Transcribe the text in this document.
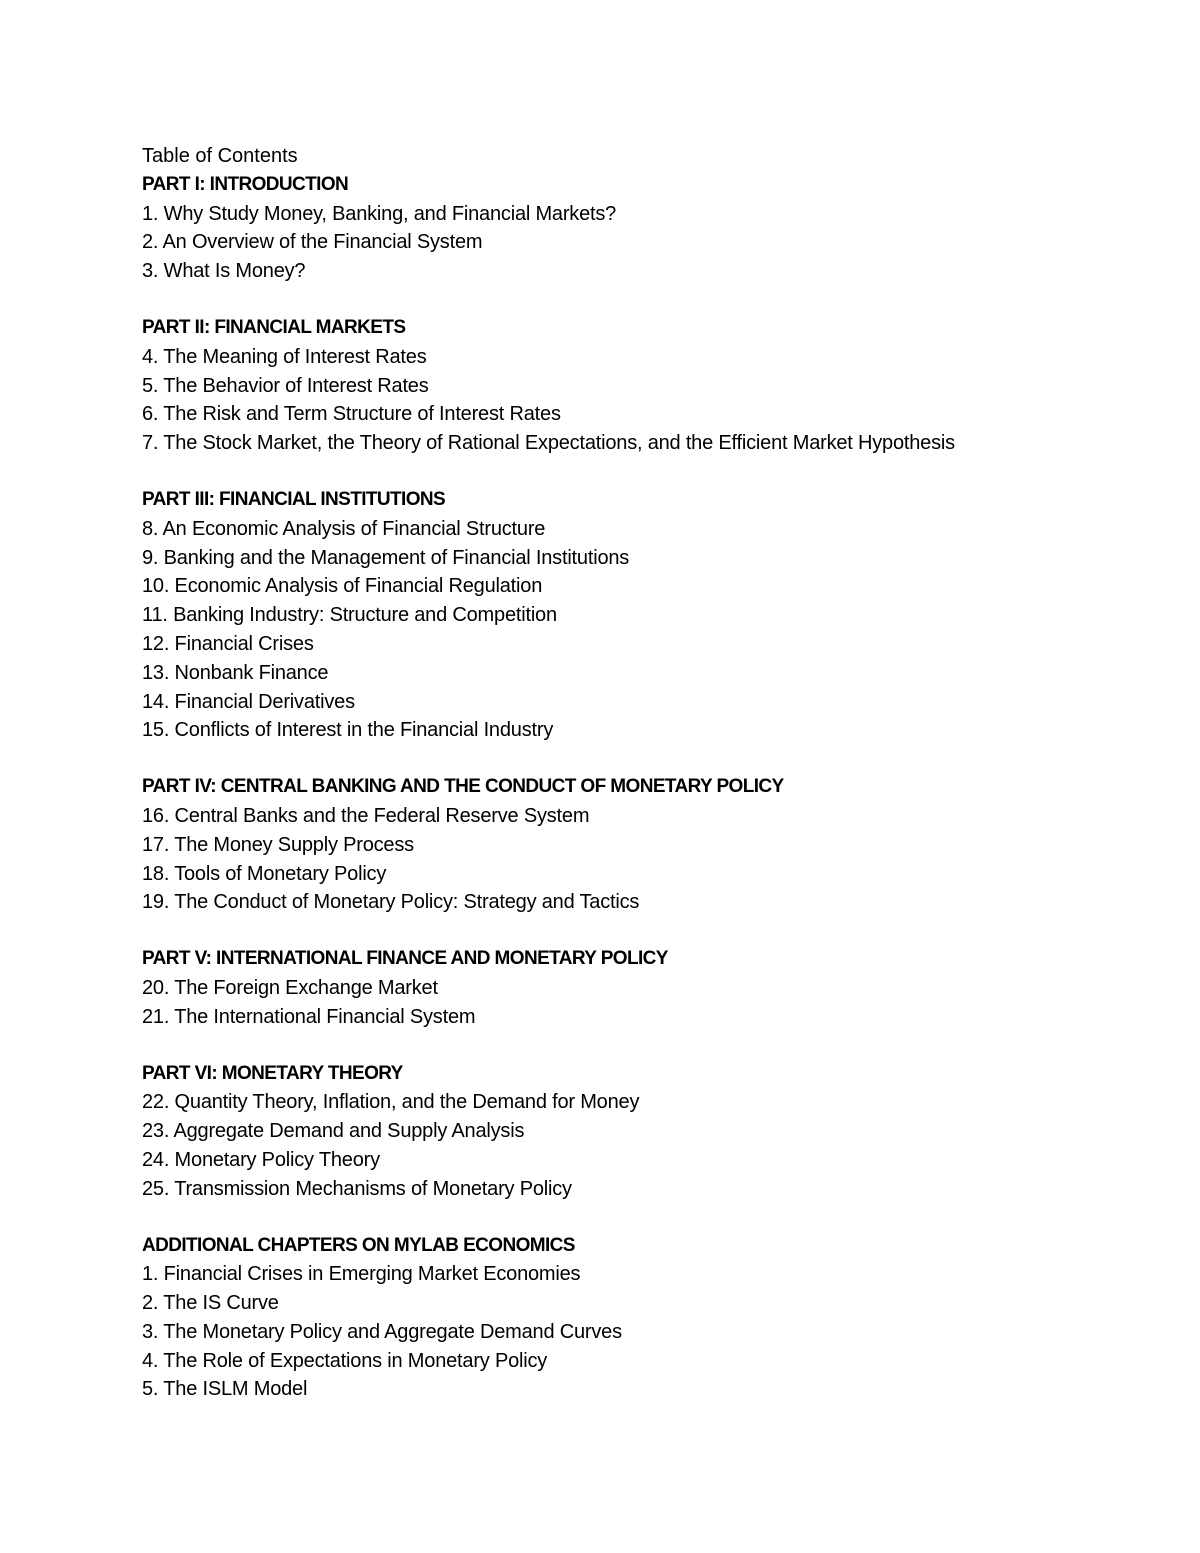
Table of Contents
PART I: INTRODUCTION
1. Why Study Money, Banking, and Financial Markets?
2. An Overview of the Financial System
3. What Is Money?
PART II: FINANCIAL MARKETS
4. The Meaning of Interest Rates
5. The Behavior of Interest Rates
6. The Risk and Term Structure of Interest Rates
7. The Stock Market, the Theory of Rational Expectations, and the Efficient Market Hypothesis
PART III: FINANCIAL INSTITUTIONS
8. An Economic Analysis of Financial Structure
9. Banking and the Management of Financial Institutions
10. Economic Analysis of Financial Regulation
11. Banking Industry: Structure and Competition
12. Financial Crises
13. Nonbank Finance
14. Financial Derivatives
15. Conflicts of Interest in the Financial Industry
PART IV: CENTRAL BANKING AND THE CONDUCT OF MONETARY POLICY
16. Central Banks and the Federal Reserve System
17. The Money Supply Process
18. Tools of Monetary Policy
19. The Conduct of Monetary Policy: Strategy and Tactics
PART V: INTERNATIONAL FINANCE AND MONETARY POLICY
20. The Foreign Exchange Market
21. The International Financial System
PART VI: MONETARY THEORY
22. Quantity Theory, Inflation, and the Demand for Money
23. Aggregate Demand and Supply Analysis
24. Monetary Policy Theory
25. Transmission Mechanisms of Monetary Policy
ADDITIONAL CHAPTERS ON MYLAB ECONOMICS
1. Financial Crises in Emerging Market Economies
2. The IS Curve
3. The Monetary Policy and Aggregate Demand Curves
4. The Role of Expectations in Monetary Policy
5. The ISLM Model
